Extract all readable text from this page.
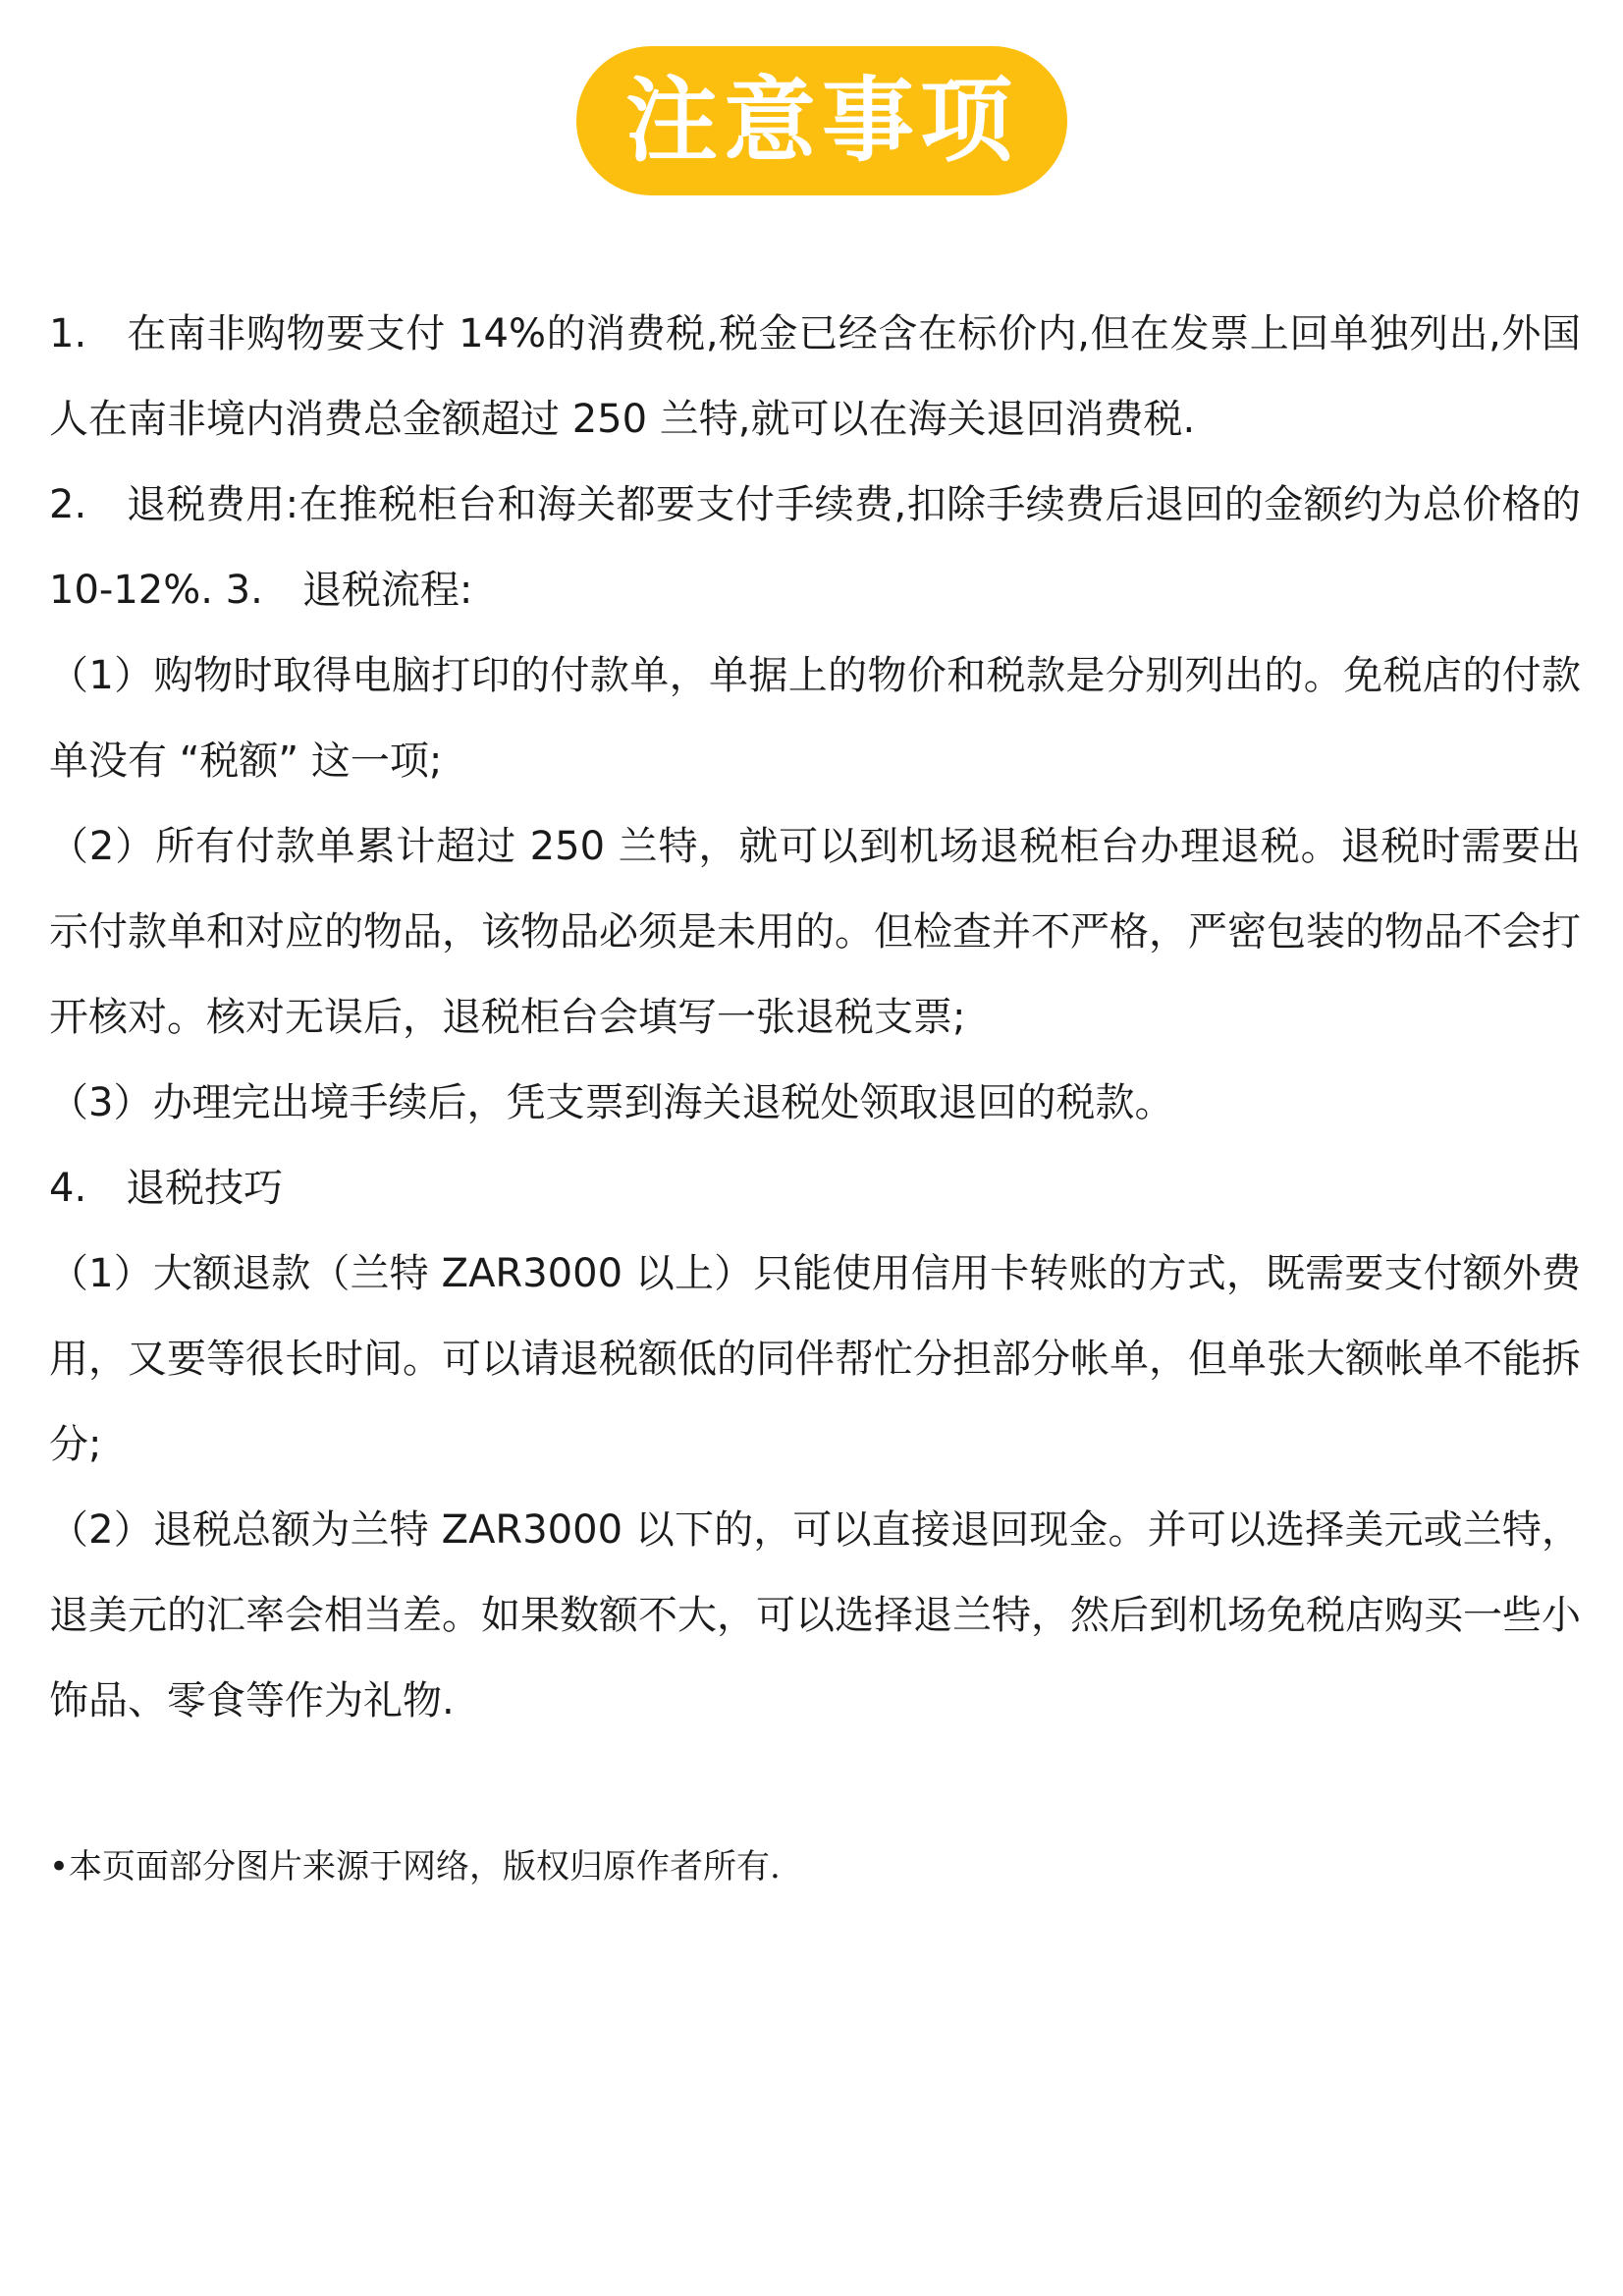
注意事项

1.　在南非购物要支付 14%的消费税,税金已经含在标价内,但在发票上回单独列出,外国人在南非境内消费总金额超过 250 兰特,就可以在海关退回消费税.

2.　退税费用:在推税柜台和海关都要支付手续费,扣除手续费后退回的金额约为总价格的 10-12%. 3.　退税流程:

（1）购物时取得电脑打印的付款单，单据上的物价和税款是分别列出的。免税店的付款单没有 “税额” 这一项;

（2）所有付款单累计超过 250 兰特，就可以到机场退税柜台办理退税。退税时需要出示付款单和对应的物品，该物品必须是未用的。但检查并不严格，严密包装的物品不会打开核对。核对无误后，退税柜台会填写一张退税支票;

（3）办理完出境手续后，凭支票到海关退税处领取退回的税款。

4.　退税技巧

（1）大额退款（兰特 ZAR3000 以上）只能使用信用卡转账的方式，既需要支付额外费用，又要等很长时间。可以请退税额低的同伴帮忙分担部分帐单，但单张大额帐单不能拆分;

（2）退税总额为兰特 ZAR3000 以下的，可以直接退回现金。并可以选择美元或兰特，退美元的汇率会相当差。如果数额不大，可以选择退兰特，然后到机场免税店购买一些小饰品、零食等作为礼物.

•本页面部分图片来源于网络，版权归原作者所有.
